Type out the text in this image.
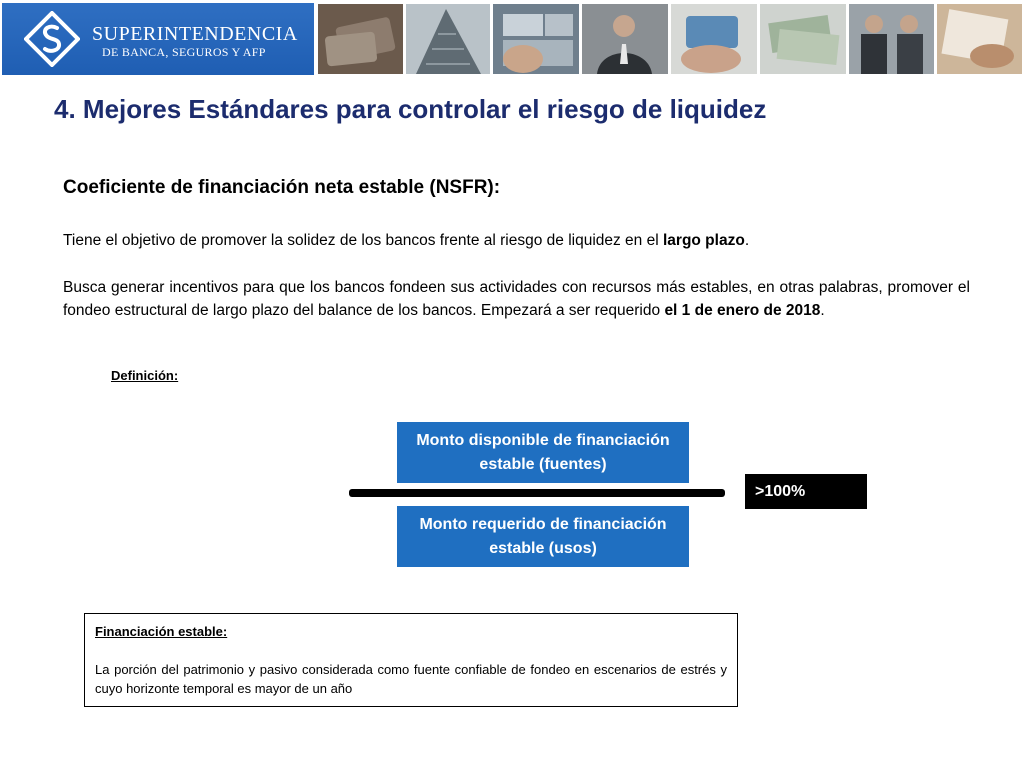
SUPERINTENDENCIA
DE BANCA, SEGUROS Y AFP
4. Mejores Estándares para controlar el riesgo de liquidez
Coeficiente de financiación neta estable (NSFR):
Tiene el objetivo de promover la solidez de los bancos frente al riesgo de liquidez en el largo plazo.
Busca generar incentivos para que los bancos fondeen sus actividades con recursos más estables, en otras palabras, promover el fondeo estructural de largo plazo del balance de los bancos. Empezará a ser requerido el 1 de enero de 2018.
Definición:
Monto disponible de financiación estable (fuentes)
Monto requerido de financiación estable (usos)
>100%
Financiación estable:
La porción del patrimonio y pasivo considerada como fuente confiable de fondeo en escenarios de estrés y cuyo horizonte temporal es mayor de un año
